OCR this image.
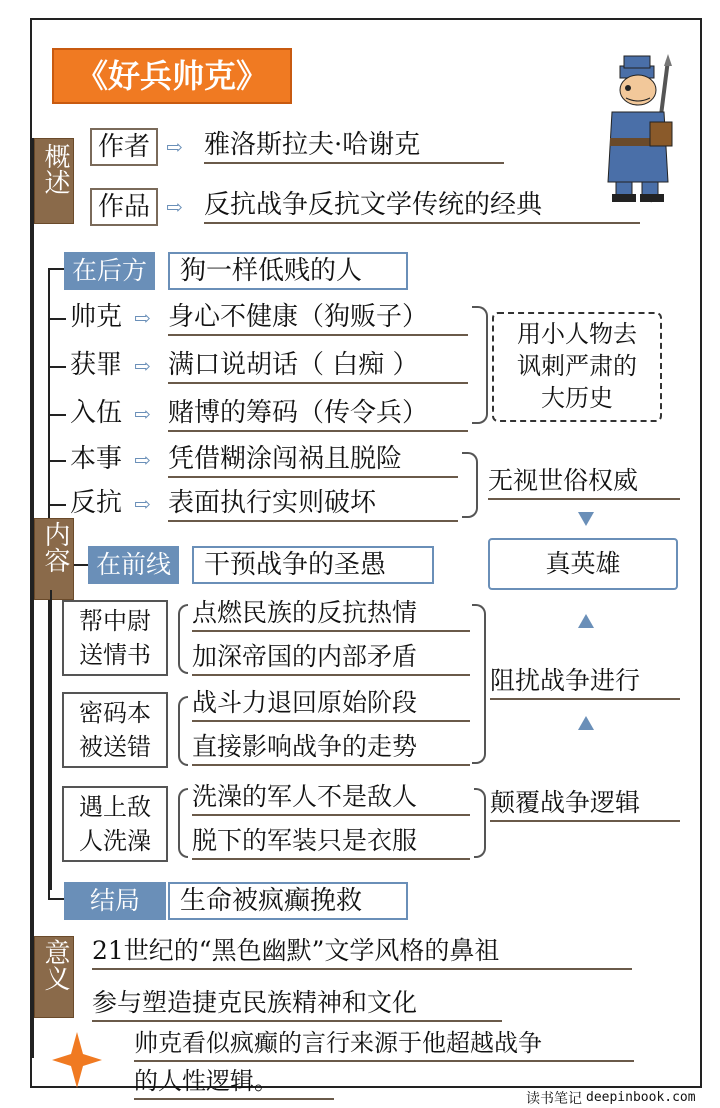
《好兵帅克》
概述	作者 ⇨ 雅洛斯拉夫·哈谢克
作品 ⇨ 反抗战争反抗文学传统的经典
在后方	狗一样低贱的人
帅克 ⇨ 身心不健康（狗贩子）
获罪 ⇨ 满口说胡话（ 白痴 ）
入伍 ⇨ 赌博的筹码（传令兵）
用小人物去
讽刺严肃的
大历史
本事 ⇨ 凭借糊涂闯祸且脱险
反抗 ⇨ 表面执行实则破坏
无视世俗权威
内容	在前线	干预战争的圣愚	真英雄
帮中尉
送情书
点燃民族的反抗热情
加深帝国的内部矛盾
密码本
被送错
战斗力退回原始阶段
直接影响战争的走势
阻扰战争进行
遇上敌
人洗澡
洗澡的军人不是敌人
脱下的军装只是衣服
颠覆战争逻辑
结局	生命被疯癫挽救
意义 21世纪的“黑色幽默”文学风格的鼻祖
参与塑造捷克民族精神和文化
帅克看似疯癫的言行来源于他超越战争
的人性逻辑。
读书笔记 deepinbook.com
